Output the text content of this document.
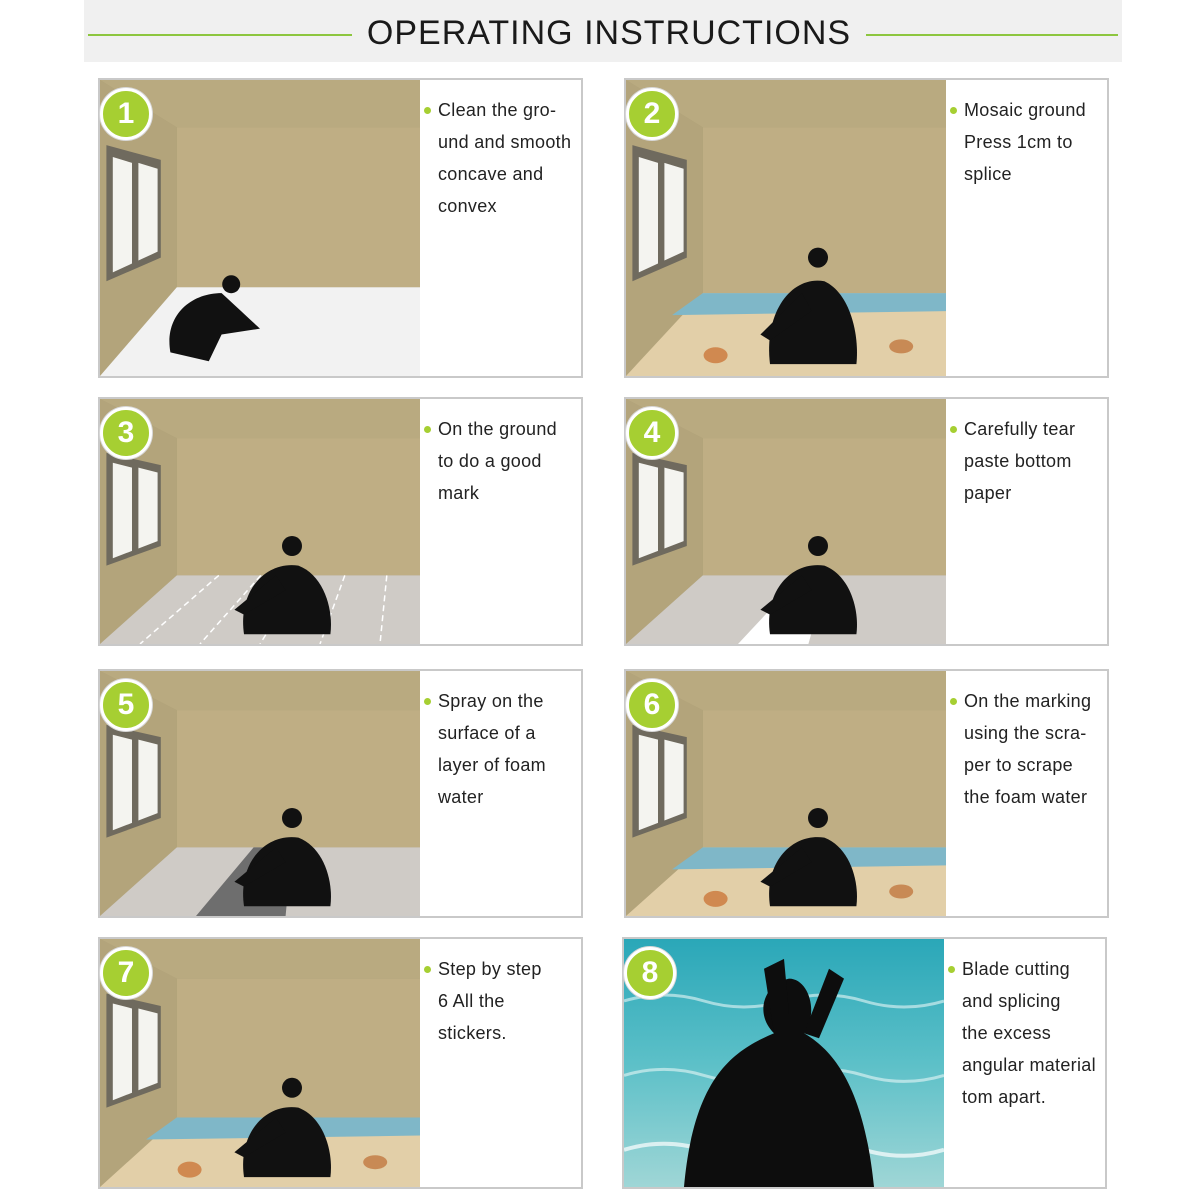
OPERATING INSTRUCTIONS
1	Clean the gro-
und and smooth
concave and
convex
2	Mosaic ground
Press 1cm to
splice
3	On the ground
to do a good
mark
4	Carefully tear
paste bottom
paper
5	Spray on the
surface of a
layer of foam
water
6	On the marking
using the scra-
per to scrape
the foam water
7	Step by step
6 All the
stickers.
8	Blade cutting
and splicing
the excess
angular material
tom apart.
